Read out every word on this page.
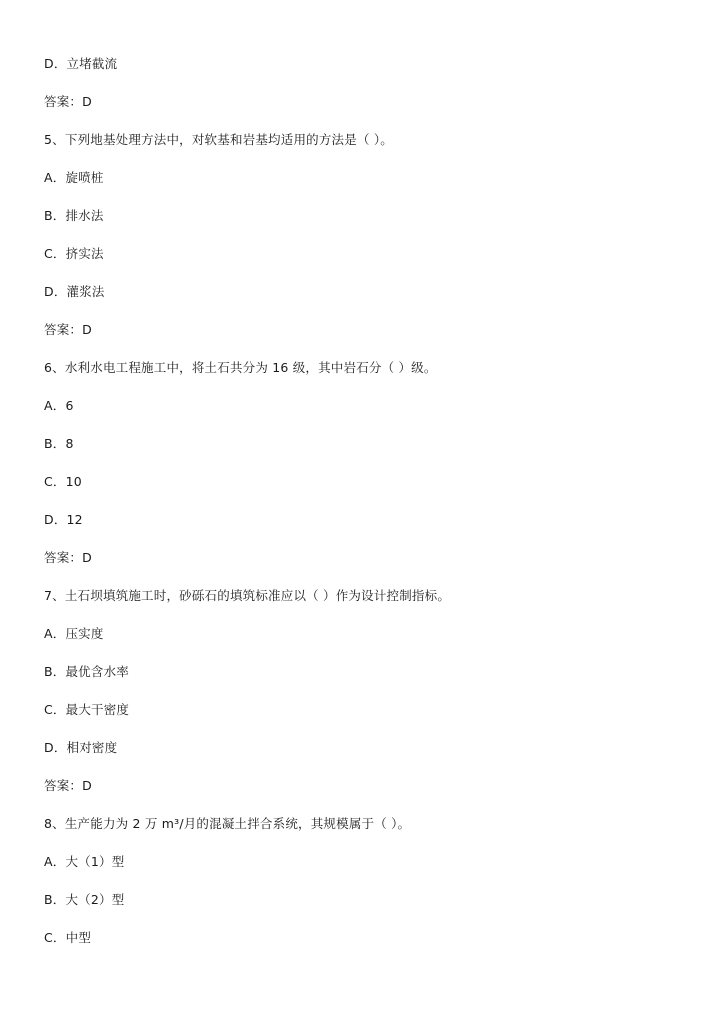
D．立堵截流
答案：D
5、下列地基处理方法中，对软基和岩基均适用的方法是（ ）。
A．旋喷桩
B．排水法
C．挤实法
D．灌浆法
答案：D
6、水利水电工程施工中，将土石共分为 16 级，其中岩石分（ ）级。
A．6
B．8
C．10
D．12
答案：D
7、土石坝填筑施工时，砂砾石的填筑标准应以（ ）作为设计控制指标。
A．压实度
B．最优含水率
C．最大干密度
D．相对密度
答案：D
8、生产能力为 2 万 m³/月的混凝土拌合系统，其规模属于（ ）。
A．大（1）型
B．大（2）型
C．中型
